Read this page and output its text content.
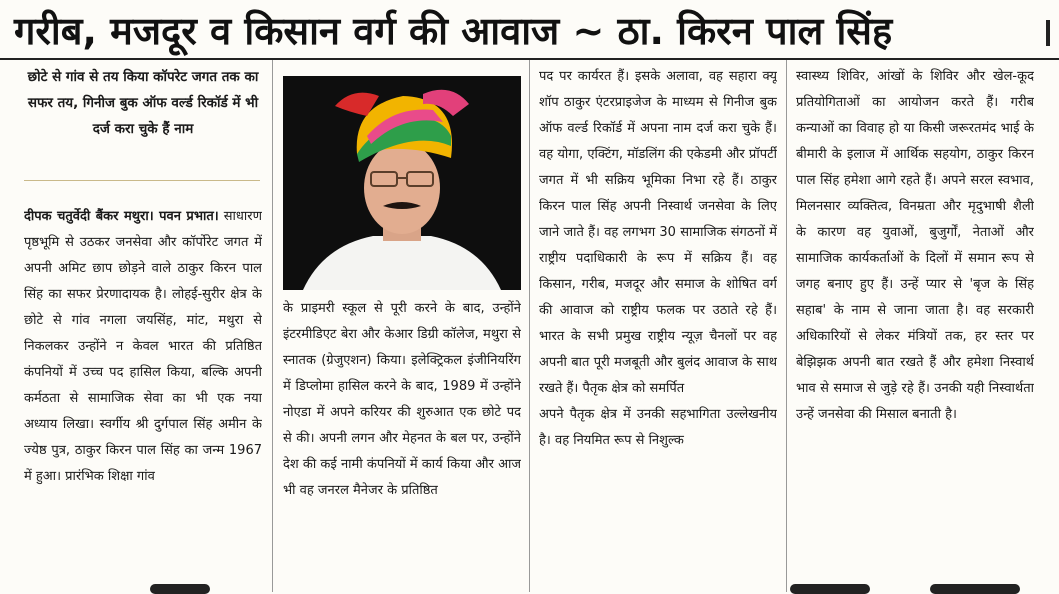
गरीब, मजदूर व किसान वर्ग की आवाज ~ ठा. किरन पाल सिंह
छोटे से गांव से तय किया कॉपरेट जगत तक का सफर तय, गिनीज बुक ऑफ वर्ल्ड रिकॉर्ड में भी दर्ज करा चुके हैं नाम

दीपक चतुर्वेदी बैंकर मथुरा। पवन प्रभात। साधारण पृष्ठभूमि से उठकर जनसेवा और कॉर्पोरेट जगत में अपनी अमिट छाप छोड़ने वाले ठाकुर किरन पाल सिंह का सफर प्रेरणादायक है। लोहई-सुरीर क्षेत्र के छोटे से गांव नगला जयसिंह, मांट, मथुरा से निकलकर उन्होंने न केवल भारत की प्रतिष्ठित कंपनियों में उच्च पद हासिल किया, बल्कि अपनी कर्मठता से सामाजिक सेवा का भी एक नया अध्याय लिखा। स्वर्गीय श्री दुर्गपाल सिंह अमीन के ज्येष्ठ पुत्र, ठाकुर किरन पाल सिंह का जन्म 1967 में हुआ। प्रारंभिक शिक्षा गांव

के प्राइमरी स्कूल से पूरी करने के बाद, उन्होंने इंटरमीडिएट बेरा और केआर डिग्री कॉलेज, मथुरा से स्नातक (ग्रेजुएशन) किया। इलेक्ट्रिकल इंजीनियरिंग में डिप्लोमा हासिल करने के बाद, 1989 में उन्होंने नोएडा में अपने करियर की शुरुआत एक छोटे पद से की। अपनी लगन और मेहनत के बल पर, उन्होंने देश की कई नामी कंपनियों में कार्य किया और आज भी वह जनरल मैनेजर के प्रतिष्ठित

पद पर कार्यरत हैं। इसके अलावा, वह सहारा क्यू शॉप ठाकुर एंटरप्राइजेज के माध्यम से गिनीज बुक ऑफ वर्ल्ड रिकॉर्ड में अपना नाम दर्ज करा चुके हैं। वह योगा, एक्टिंग, मॉडलिंग की एकेडमी और प्रॉपर्टी जगत में भी सक्रिय भूमिका निभा रहे हैं। ठाकुर किरन पाल सिंह अपनी निस्वार्थ जनसेवा के लिए जाने जाते हैं। वह लगभग 30 सामाजिक संगठनों में राष्ट्रीय पदाधिकारी के रूप में सक्रिय हैं। वह किसान, गरीब, मजदूर और समाज के शोषित वर्ग की आवाज को राष्ट्रीय फलक पर उठाते रहे हैं। भारत के सभी प्रमुख राष्ट्रीय न्यूज़ चैनलों पर वह अपनी बात पूरी मजबूती और बुलंद आवाज के साथ रखते हैं। पैतृक क्षेत्र को समर्पित

अपने पैतृक क्षेत्र में उनकी सहभागिता उल्लेखनीय है। वह नियमित रूप से निशुल्क

स्वास्थ्य शिविर, आंखों के शिविर और खेल-कूद प्रतियोगिताओं का आयोजन करते हैं। गरीब कन्याओं का विवाह हो या किसी जरूरतमंद भाई के बीमारी के इलाज में आर्थिक सहयोग, ठाकुर किरन पाल सिंह हमेशा आगे रहते हैं। अपने सरल स्वभाव, मिलनसार व्यक्तित्व, विनम्रता और मृदुभाषी शैली के कारण वह युवाओं, बुजुर्गों, नेताओं और सामाजिक कार्यकर्ताओं के दिलों में समान रूप से जगह बनाए हुए हैं। उन्हें प्यार से 'बृज के सिंह सहाब' के नाम से जाना जाता है। वह सरकारी अधिकारियों से लेकर मंत्रियों तक, हर स्तर पर बेझिझक अपनी बात रखते हैं और हमेशा निस्वार्थ भाव से समाज से जुड़े रहे हैं। उनकी यही निस्वार्थता उन्हें जनसेवा की मिसाल बनाती है।
